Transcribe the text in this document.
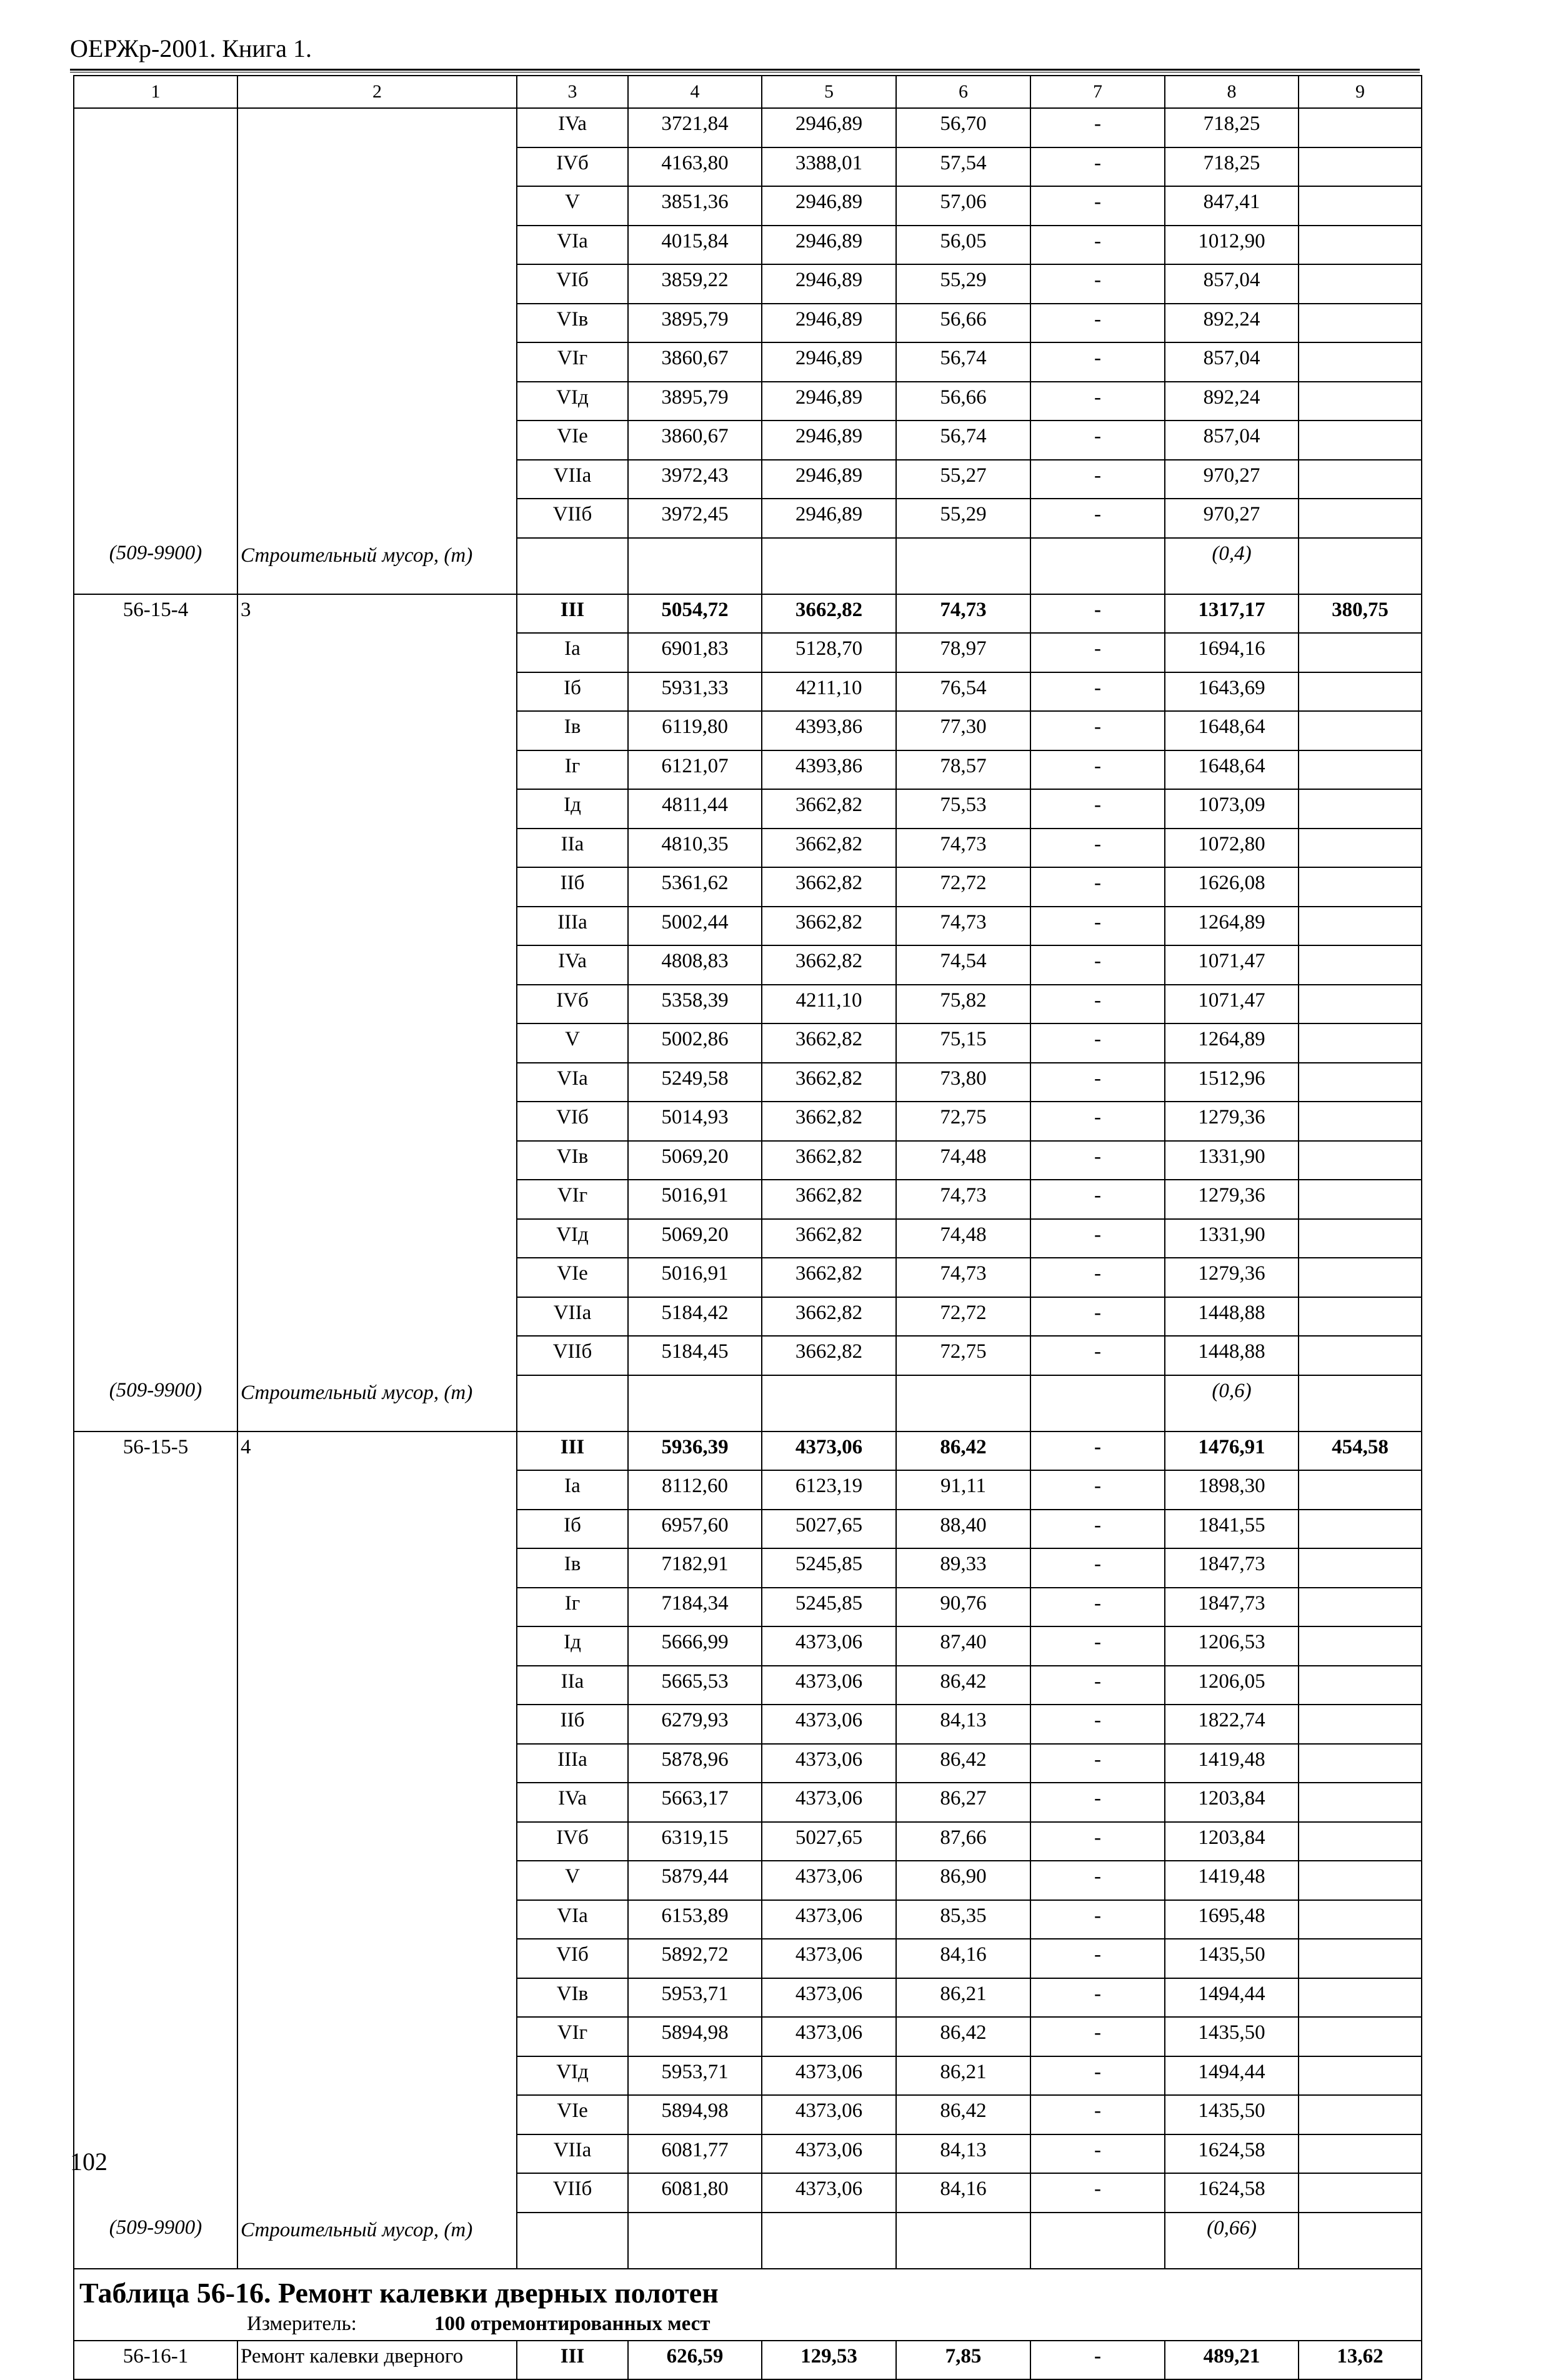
ОЕРЖр-2001. Книга 1.
1	2	3	4	5	6	7	8	9
		IVa	3721,84	2946,89	56,70	-	718,25	
		IVб	4163,80	3388,01	57,54	-	718,25	
		V	3851,36	2946,89	57,06	-	847,41	
		VIa	4015,84	2946,89	56,05	-	1012,90	
		VIб	3859,22	2946,89	55,29	-	857,04	
		VIв	3895,79	2946,89	56,66	-	892,24	
		VIг	3860,67	2946,89	56,74	-	857,04	
		VIд	3895,79	2946,89	56,66	-	892,24	
		VIe	3860,67	2946,89	56,74	-	857,04	
		VIIa	3972,43	2946,89	55,27	-	970,27	
		VIIб	3972,45	2946,89	55,29	-	970,27	
(509-9900)	Строительный мусор, (т)						(0,4)	
56-15-4	3	III	5054,72	3662,82	74,73	-	1317,17	380,75
		Ia	6901,83	5128,70	78,97	-	1694,16	
		Iб	5931,33	4211,10	76,54	-	1643,69	
		Iв	6119,80	4393,86	77,30	-	1648,64	
		Iг	6121,07	4393,86	78,57	-	1648,64	
		Iд	4811,44	3662,82	75,53	-	1073,09	
		IIa	4810,35	3662,82	74,73	-	1072,80	
		IIб	5361,62	3662,82	72,72	-	1626,08	
		IIIa	5002,44	3662,82	74,73	-	1264,89	
		IVa	4808,83	3662,82	74,54	-	1071,47	
		IVб	5358,39	4211,10	75,82	-	1071,47	
		V	5002,86	3662,82	75,15	-	1264,89	
		VIa	5249,58	3662,82	73,80	-	1512,96	
		VIб	5014,93	3662,82	72,75	-	1279,36	
		VIв	5069,20	3662,82	74,48	-	1331,90	
		VIг	5016,91	3662,82	74,73	-	1279,36	
		VIд	5069,20	3662,82	74,48	-	1331,90	
		VIe	5016,91	3662,82	74,73	-	1279,36	
		VIIa	5184,42	3662,82	72,72	-	1448,88	
		VIIб	5184,45	3662,82	72,75	-	1448,88	
(509-9900)	Строительный мусор, (т)						(0,6)	
56-15-5	4	III	5936,39	4373,06	86,42	-	1476,91	454,58
		Ia	8112,60	6123,19	91,11	-	1898,30	
		Iб	6957,60	5027,65	88,40	-	1841,55	
		Iв	7182,91	5245,85	89,33	-	1847,73	
		Iг	7184,34	5245,85	90,76	-	1847,73	
		Iд	5666,99	4373,06	87,40	-	1206,53	
		IIa	5665,53	4373,06	86,42	-	1206,05	
		IIб	6279,93	4373,06	84,13	-	1822,74	
		IIIa	5878,96	4373,06	86,42	-	1419,48	
		IVa	5663,17	4373,06	86,27	-	1203,84	
		IVб	6319,15	5027,65	87,66	-	1203,84	
		V	5879,44	4373,06	86,90	-	1419,48	
		VIa	6153,89	4373,06	85,35	-	1695,48	
		VIб	5892,72	4373,06	84,16	-	1435,50	
		VIв	5953,71	4373,06	86,21	-	1494,44	
		VIг	5894,98	4373,06	86,42	-	1435,50	
		VIд	5953,71	4373,06	86,21	-	1494,44	
		VIe	5894,98	4373,06	86,42	-	1435,50	
		VIIa	6081,77	4373,06	84,13	-	1624,58	
		VIIб	6081,80	4373,06	84,16	-	1624,58	
(509-9900)	Строительный мусор, (т)						(0,66)	

Таблица 56-16. Ремонт калевки дверных полотен
Измеритель: 100 отремонтированных мест								

56-16-1	Ремонт калевки дверного	III	626,59	129,53	7,85	-	489,21	13,62
102
